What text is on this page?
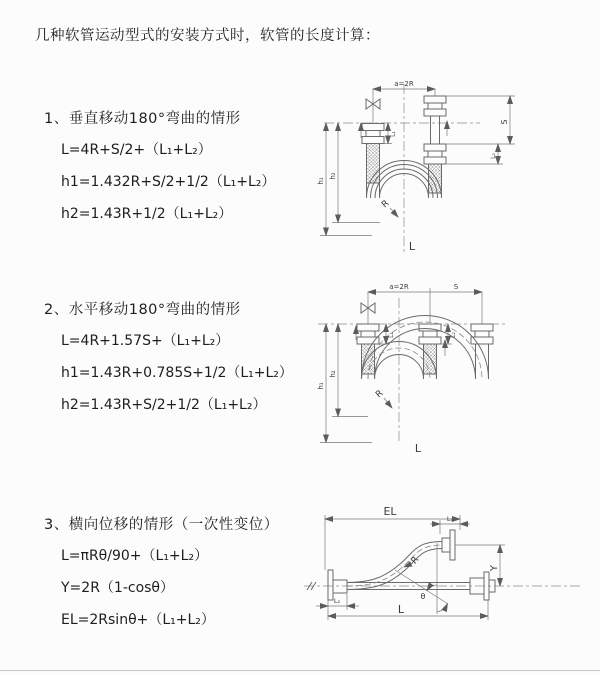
几种软管运动型式的安装方式时，软管的长度计算：
1、垂直移动180°弯曲的情形
L=4R+S/2+（L₁+L₂）
h1=1.432R+S/2+1/2（L₁+L₂）
h2=1.43R+1/2（L₁+L₂）
2、水平移动180°弯曲的情形
L=4R+1.57S+（L₁+L₂）
h1=1.43R+0.785S+1/2（L₁+L₂）
h2=1.43R+S/2+1/2（L₁+L₂）
3、横向位移的情形（一次性变位）
L=πRθ/90+（L₁+L₂）
Y=2R（1-cosθ）
EL=2Rsinθ+（L₁+L₂）
a=2R
R
L
h₁
h₂
L₁
S
L₂
a=2R	S
h₁
h₂
L₁	L₂
R
L
EL
L₁
R
θ
Y
L
L₂
